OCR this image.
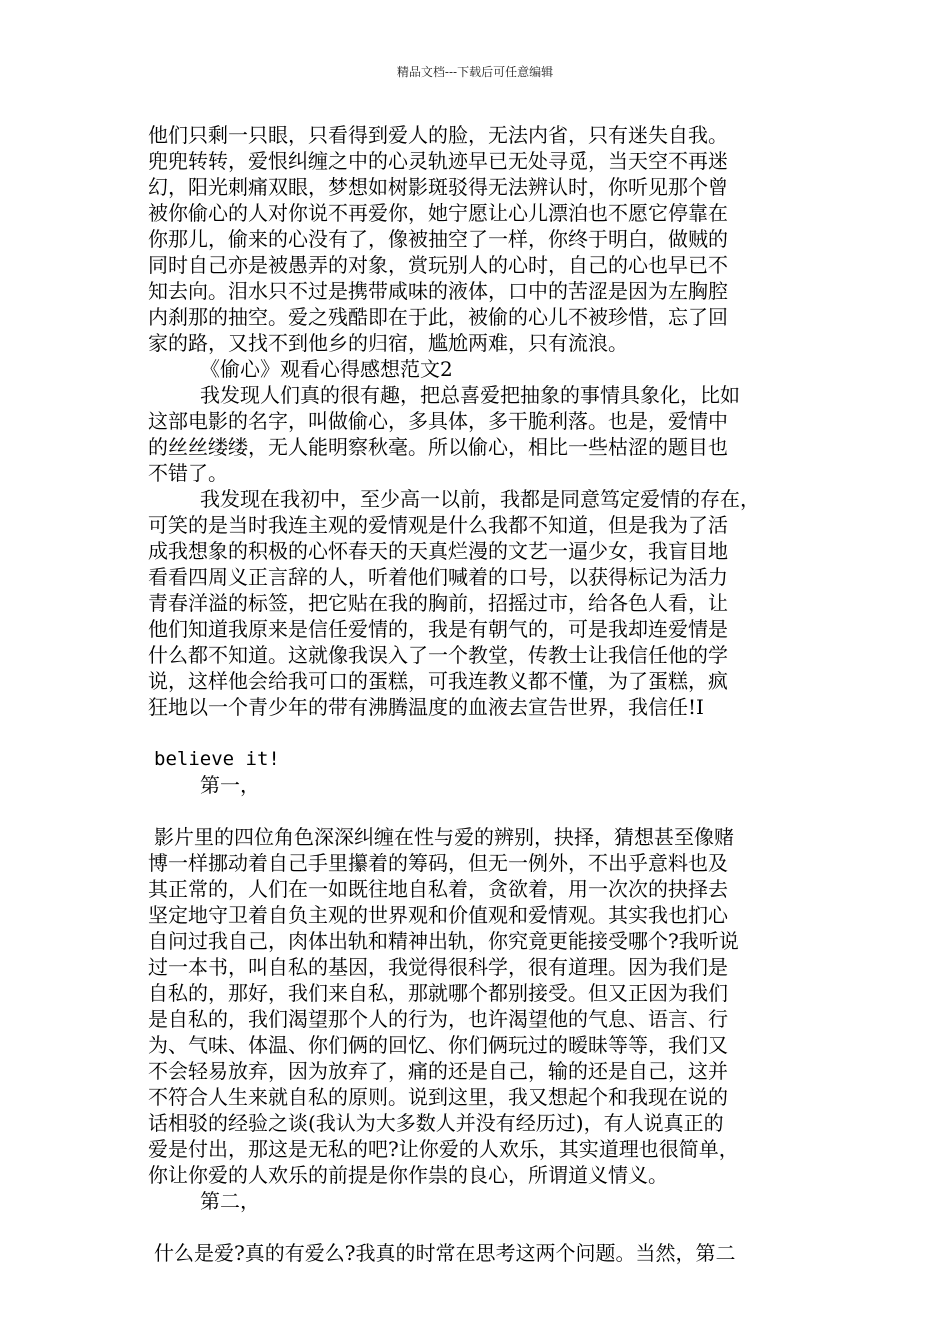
精品文档---下载后可任意编辑
他们只剩一只眼，只看得到爱人的脸，无法内省，只有迷失自我。
兜兜转转，爱恨纠缠之中的心灵轨迹早已无处寻觅，当天空不再迷
幻，阳光刺痛双眼，梦想如树影斑驳得无法辨认时，你听见那个曾
被你偷心的人对你说不再爱你，她宁愿让心儿漂泊也不愿它停靠在
你那儿，偷来的心没有了，像被抽空了一样，你终于明白，做贼的
同时自己亦是被愚弄的对象，赏玩别人的心时，自己的心也早已不
知去向。泪水只不过是携带咸味的液体，口中的苦涩是因为左胸腔
内刹那的抽空。爱之残酷即在于此，被偷的心儿不被珍惜，忘了回
家的路，又找不到他乡的归宿，尴尬两难，只有流浪。
《偷心》观看心得感想范文2
我发现人们真的很有趣，把总喜爱把抽象的事情具象化，比如
这部电影的名字，叫做偷心，多具体，多干脆利落。也是，爱情中
的丝丝缕缕，无人能明察秋毫。所以偷心，相比一些枯涩的题目也
不错了。
我发现在我初中，至少高一以前，我都是同意笃定爱情的存在，
可笑的是当时我连主观的爱情观是什么我都不知道，但是我为了活
成我想象的积极的心怀春天的天真烂漫的文艺一逼少女，我盲目地
看看四周义正言辞的人，听着他们喊着的口号，以获得标记为活力
青春洋溢的标签，把它贴在我的胸前，招摇过市，给各色人看，让
他们知道我原来是信任爱情的，我是有朝气的，可是我却连爱情是
什么都不知道。这就像我误入了一个教堂，传教士让我信任他的学
说，这样他会给我可口的蛋糕，可我连教义都不懂，为了蛋糕，疯
狂地以一个青少年的带有沸腾温度的血液去宣告世界，我信任!I
believe it!
第一，
影片里的四位角色深深纠缠在性与爱的辨别，抉择，猜想甚至像赌
博一样挪动着自己手里攥着的筹码，但无一例外，不出乎意料也及
其正常的，人们在一如既往地自私着，贪欲着，用一次次的抉择去
坚定地守卫着自负主观的世界观和价值观和爱情观。其实我也扪心
自问过我自己，肉体出轨和精神出轨，你究竟更能接受哪个?我听说
过一本书，叫自私的基因，我觉得很科学，很有道理。因为我们是
自私的，那好，我们来自私，那就哪个都别接受。但又正因为我们
是自私的，我们渴望那个人的行为，也许渴望他的气息、语言、行
为、气味、体温、你们俩的回忆、你们俩玩过的暧昧等等，我们又
不会轻易放弃，因为放弃了，痛的还是自己，输的还是自己，这并
不符合人生来就自私的原则。说到这里，我又想起个和我现在说的
话相驳的经验之谈(我认为大多数人并没有经历过)，有人说真正的
爱是付出，那这是无私的吧?让你爱的人欢乐，其实道理也很简单，
你让你爱的人欢乐的前提是你作祟的良心，所谓道义情义。
第二，
什么是爱?真的有爱么?我真的时常在思考这两个问题。当然，第二
